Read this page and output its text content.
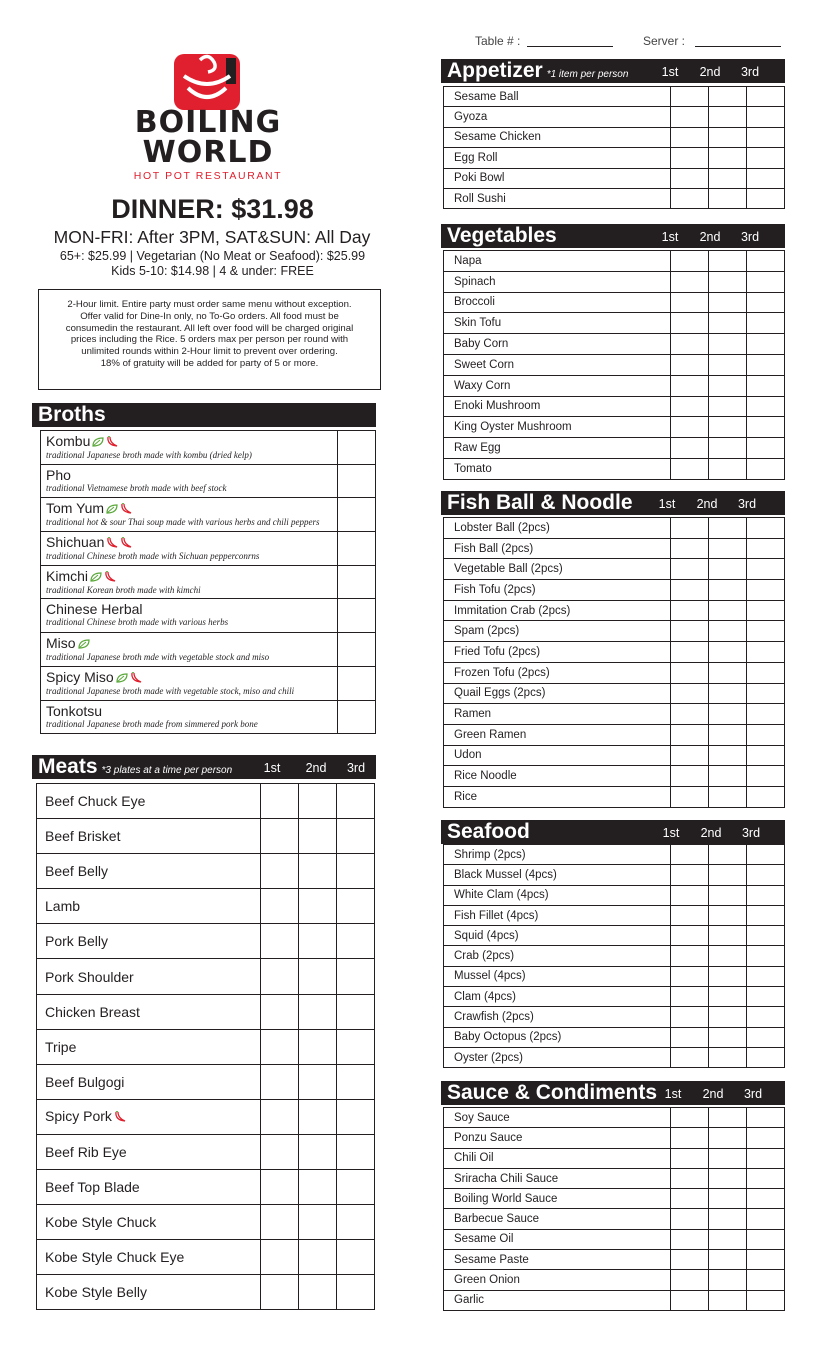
BOILING
WORLD
HOT POT RESTAURANT
DINNER: $31.98
MON-FRI: After 3PM, SAT&SUN: All Day
65+: $25.99 | Vegetarian (No Meat or Seafood): $25.99
Kids 5-10: $14.98 | 4 & under: FREE
2-Hour limit. Entire party must order same menu without exception.
Offer valid for Dine-In only, no To-Go orders. All food must be
consumedin the restaurant. All left over food will be charged original
prices including the Rice. 5 orders max per person per round with
unlimited rounds within 2-Hour limit to prevent over ordering.
18% of gratuity will be added for party of 5 or more.
Broths
Kombu
traditional Japanese broth made with kombu (dried kelp)	

Pho
traditional Vietnamese broth made with beef stock	

Tom Yum
traditional hot & sour Thai soup made with various herbs and chili peppers	

Shichuan
traditional Chinese broth made with Sichuan pepperconrns	

Kimchi
traditional Korean broth made with kimchi	

Chinese Herbal
traditional Chinese broth made with various herbs	

Miso
traditional Japanese broth mde with vegetable stock and miso	

Spicy Miso
traditional Japanese broth made with vegetable stock, miso and chili	

Tonkotsu
traditional Japanese broth made from simmered pork bone	

Meats *3 plates at a time per person	1st	2nd	3rd
Beef Chuck Eye			
Beef Brisket			
Beef Belly			
Lamb			
Pork Belly			
Pork Shoulder			
Chicken Breast			
Tripe			
Beef Bulgogi			
Spicy Pork			
Beef Rib Eye			
Beef Top Blade			
Kobe Style Chuck			
Kobe Style Chuck Eye			
Kobe Style Belly			
Table # :	Server :
Appetizer *1 item per person	1st	2nd	3rd
Sesame Ball			
Gyoza			
Sesame Chicken			
Egg Roll			
Poki Bowl			
Roll Sushi			
Vegetables	1st	2nd	3rd
Napa			
Spinach			
Broccoli			
Skin Tofu			
Baby Corn			
Sweet Corn			
Waxy Corn			
Enoki Mushroom			
King Oyster Mushroom			
Raw Egg			
Tomato			
Fish Ball & Noodle	1st	2nd	3rd
Lobster Ball (2pcs)			
Fish Ball (2pcs)			
Vegetable Ball (2pcs)			
Fish Tofu (2pcs)			
Immitation Crab (2pcs)			
Spam (2pcs)			
Fried Tofu (2pcs)			
Frozen Tofu (2pcs)			
Quail Eggs (2pcs)			
Ramen			
Green Ramen			
Udon			
Rice Noodle			
Rice			
Seafood	1st	2nd	3rd
Shrimp (2pcs)			
Black Mussel (4pcs)			
White Clam (4pcs)			
Fish Fillet (4pcs)			
Squid (4pcs)			
Crab (2pcs)			
Mussel (4pcs)			
Clam (4pcs)			
Crawfish (2pcs)			
Baby Octopus (2pcs)			
Oyster (2pcs)			
Sauce & Condiments 1st	2nd	3rd
Soy Sauce			
Ponzu Sauce			
Chili Oil			
Sriracha Chili Sauce			
Boiling World Sauce			
Barbecue Sauce			
Sesame Oil			
Sesame Paste			
Green Onion			
Garlic			
